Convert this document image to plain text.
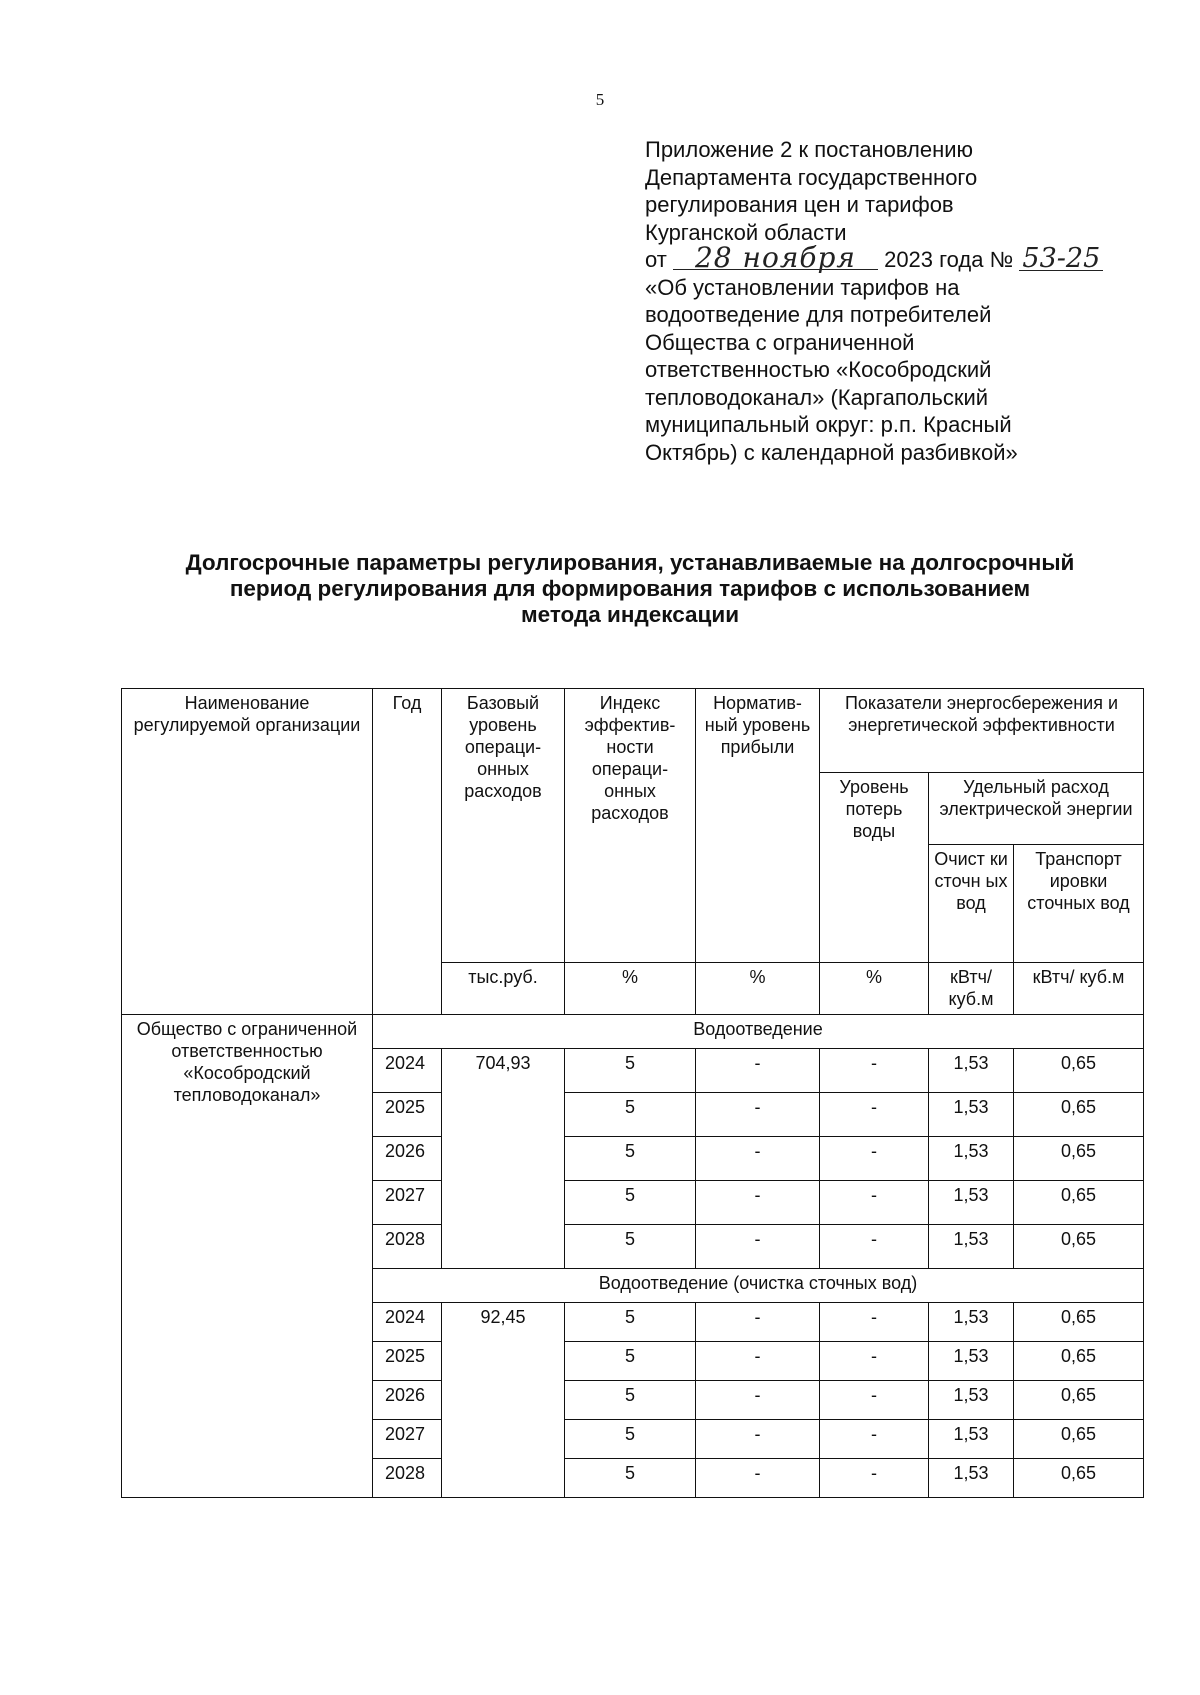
5
Приложение 2 к постановлению
Департамента государственного
регулирования цен и тарифов
Курганской области
от 28 ноября 2023 года № 53-25
«Об установлении тарифов на
водоотведение для потребителей
Общества с ограниченной
ответственностью «Кособродский
тепловодоканал» (Каргапольский
муниципальный округ: р.п. Красный
Октябрь) с календарной разбивкой»
Долгосрочные параметры регулирования, устанавливаемые на долгосрочный
период регулирования для формирования тарифов с использованием
метода индексации
Наименование регулируемой организации	Год	Базовый уровень операци-онных расходов	Индекс эффектив-ности операци-онных расходов	Норматив-ный уровень прибыли	Показатели энергосбережения и энергетической эффективности		
					Уровень потерь воды	Удельный расход электрической энергии	
						Очист ки сточн ых вод	Транспорт ировки сточных вод
		тыс.руб.	%	%	%	кВтч/ куб.м	кВтч/ куб.м
Общество с ограниченной ответственностью «Кособродский тепловодоканал»	Водоотведение						
	2024	704,93	5	-	-	1,53	0,65
	2025		5	-	-	1,53	0,65
	2026		5	-	-	1,53	0,65
	2027		5	-	-	1,53	0,65
	2028		5	-	-	1,53	0,65
	Водоотведение (очистка сточных вод)						
	2024	92,45	5	-	-	1,53	0,65
	2025		5	-	-	1,53	0,65
	2026		5	-	-	1,53	0,65
	2027		5	-	-	1,53	0,65
	2028		5	-	-	1,53	0,65
